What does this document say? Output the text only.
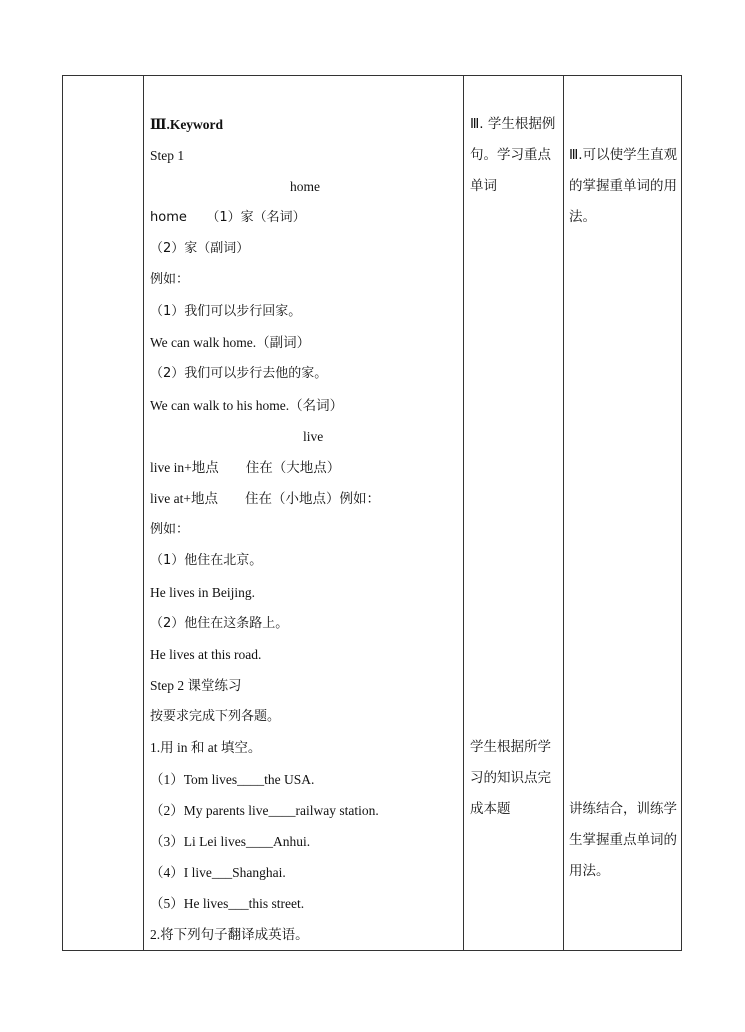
Ⅲ.Keyword
Step 1
home
home　　（1）家（名词）
（2）家（副词）
例如：
（1）我们可以步行回家。
We can walk home.（副词）
（2）我们可以步行去他的家。
We can walk to his home.（名词）
live
live in+地点　　住在（大地点）
live at+地点　　住在（小地点）例如：
例如：
（1）他住在北京。
He lives in Beijing.
（2）他住在这条路上。
He lives at this road.
Step 2 课堂练习
按要求完成下列各题。
1.用 in 和 at 填空。
（1）Tom lives____the USA.
（2）My parents live____railway station.
（3）Li Lei lives____Anhui.
（4）I live___Shanghai.
（5）He lives___this street.
2.将下列句子翻译成英语。
Ⅲ. 学生根据例句。学习重点单词
学生根据所学习的知识点完成本题
Ⅲ.可以使学生直观的掌握重单词的用法。
讲练结合，训练学生掌握重点单词的用法。
